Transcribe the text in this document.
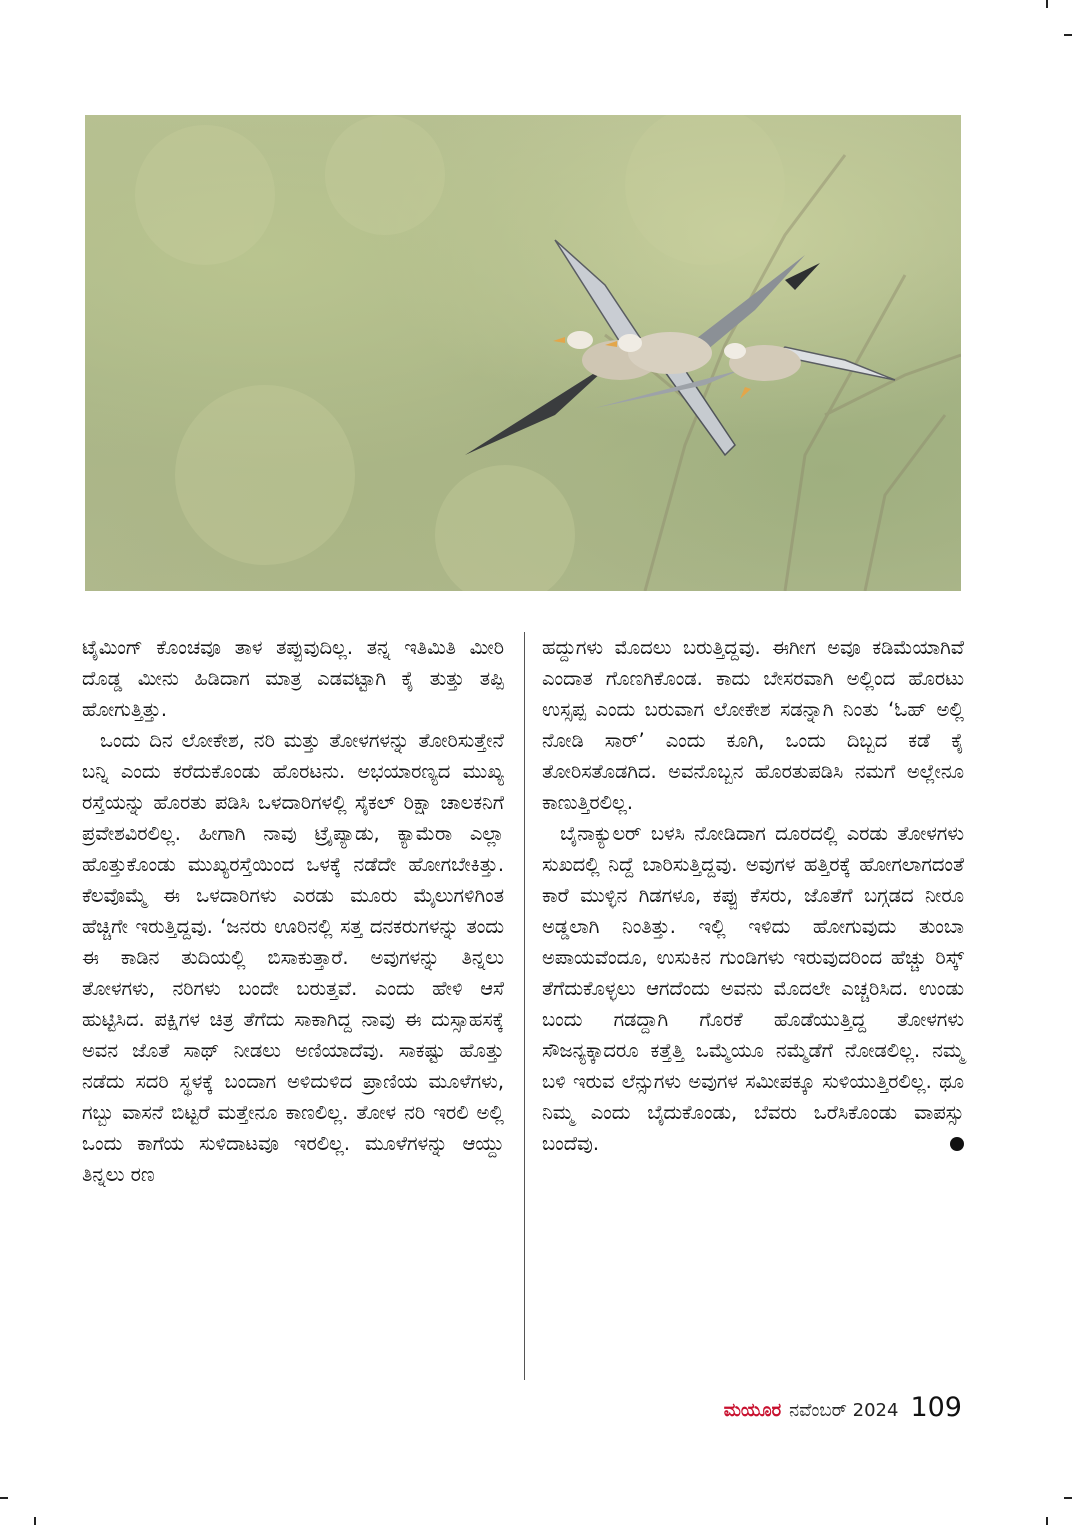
ಟೈಮಿಂಗ್ ಕೊಂಚವೂ ತಾಳ ತಪ್ಪುವುದಿಲ್ಲ. ತನ್ನ ಇತಿಮಿತಿ ಮೀರಿ ದೊಡ್ಡ ಮೀನು ಹಿಡಿದಾಗ ಮಾತ್ರ ಎಡವಟ್ಟಾಗಿ ಕೈ ತುತ್ತು ತಪ್ಪಿ ಹೋಗುತ್ತಿತ್ತು.

ಒಂದು ದಿನ ಲೋಕೇಶ, ನರಿ ಮತ್ತು ತೋಳಗಳನ್ನು ತೋರಿಸುತ್ತೇನೆ ಬನ್ನಿ ಎಂದು ಕರೆದುಕೊಂಡು ಹೊರಟನು. ಅಭಯಾರಣ್ಯದ ಮುಖ್ಯ ರಸ್ತೆಯನ್ನು ಹೊರತು ಪಡಿಸಿ ಒಳದಾರಿಗಳಲ್ಲಿ ಸೈಕಲ್ ರಿಕ್ಷಾ ಚಾಲಕನಿಗೆ ಪ್ರವೇಶವಿರಲಿಲ್ಲ. ಹೀಗಾಗಿ ನಾವು ಟ್ರೈಪ್ಯಾಡು, ಕ್ಯಾಮೆರಾ ಎಲ್ಲಾ ಹೊತ್ತುಕೊಂಡು ಮುಖ್ಯರಸ್ತೆಯಿಂದ ಒಳಕ್ಕೆ ನಡೆದೇ ಹೋಗಬೇಕಿತ್ತು. ಕೆಲವೊಮ್ಮೆ ಈ ಒಳದಾರಿಗಳು ಎರಡು ಮೂರು ಮೈಲುಗಳಿಗಿಂತ ಹೆಚ್ಚಿಗೇ ಇರುತ್ತಿದ್ದವು. ‘ಜನರು ಊರಿನಲ್ಲಿ ಸತ್ತ ದನಕರುಗಳನ್ನು ತಂದು ಈ ಕಾಡಿನ ತುದಿಯಲ್ಲಿ ಬಿಸಾಕುತ್ತಾರೆ. ಅವುಗಳನ್ನು ತಿನ್ನಲು ತೋಳಗಳು, ನರಿಗಳು ಬಂದೇ ಬರುತ್ತವೆ. ಎಂದು ಹೇಳಿ ಆಸೆ ಹುಟ್ಟಿಸಿದ. ಪಕ್ಷಿಗಳ ಚಿತ್ರ ತೆಗೆದು ಸಾಕಾಗಿದ್ದ ನಾವು ಈ ದುಸ್ಸಾಹಸಕ್ಕೆ ಅವನ ಜೊತೆ ಸಾಥ್ ನೀಡಲು ಅಣಿಯಾದೆವು. ಸಾಕಷ್ಟು ಹೊತ್ತು ನಡೆದು ಸದರಿ ಸ್ಥಳಕ್ಕೆ ಬಂದಾಗ ಅಳಿದುಳಿದ ಪ್ರಾಣಿಯ ಮೂಳೆಗಳು, ಗಬ್ಬು ವಾಸನೆ ಬಿಟ್ಟರೆ ಮತ್ತೇನೂ ಕಾಣಲಿಲ್ಲ. ತೋಳ ನರಿ ಇರಲಿ ಅಲ್ಲಿ ಒಂದು ಕಾಗೆಯ ಸುಳಿದಾಟವೂ ಇರಲಿಲ್ಲ. ಮೂಳೆಗಳನ್ನು ಆಯ್ದು ತಿನ್ನಲು ರಣ

ಹದ್ದುಗಳು ಮೊದಲು ಬರುತ್ತಿದ್ದವು. ಈಗೀಗ ಅವೂ ಕಡಿಮೆಯಾಗಿವೆ ಎಂದಾತ ಗೊಣಗಿಕೊಂಡ. ಕಾದು ಬೇಸರವಾಗಿ ಅಲ್ಲಿಂದ ಹೊರಟು ಉಸ್ಸಪ್ಪ ಎಂದು ಬರುವಾಗ ಲೋಕೇಶ ಸಡನ್ನಾಗಿ ನಿಂತು ‘ಓಹ್ ಅಲ್ಲಿ ನೋಡಿ ಸಾರ್’ ಎಂದು ಕೂಗಿ, ಒಂದು ದಿಬ್ಬದ ಕಡೆ ಕೈ ತೋರಿಸತೊಡಗಿದ. ಅವನೊಬ್ಬನ ಹೊರತುಪಡಿಸಿ ನಮಗೆ ಅಲ್ಲೇನೂ ಕಾಣುತ್ತಿರಲಿಲ್ಲ.

ಬೈನಾಕ್ಯುಲರ್ ಬಳಸಿ ನೋಡಿದಾಗ ದೂರದಲ್ಲಿ ಎರಡು ತೋಳಗಳು ಸುಖದಲ್ಲಿ ನಿದ್ದೆ ಬಾರಿಸುತ್ತಿದ್ದವು. ಅವುಗಳ ಹತ್ತಿರಕ್ಕೆ ಹೋಗಲಾಗದಂತೆ ಕಾರೆ ಮುಳ್ಳಿನ ಗಿಡಗಳೂ, ಕಪ್ಪು ಕೆಸರು, ಜೊತೆಗೆ ಬಗ್ಗಡದ ನೀರೂ ಅಡ್ಡಲಾಗಿ ನಿಂತಿತ್ತು. ಇಲ್ಲಿ ಇಳಿದು ಹೋಗುವುದು ತುಂಬಾ ಅಪಾಯವೆಂದೂ, ಉಸುಕಿನ ಗುಂಡಿಗಳು ಇರುವುದರಿಂದ ಹೆಚ್ಚು ರಿಸ್ಕ್ ತೆಗೆದುಕೊಳ್ಳಲು ಆಗದೆಂದು ಅವನು ಮೊದಲೇ ಎಚ್ಚರಿಸಿದ. ಉಂಡು ಬಂದು ಗಡದ್ದಾಗಿ ಗೊರಕೆ ಹೊಡೆಯುತ್ತಿದ್ದ ತೋಳಗಳು ಸೌಜನ್ಯಕ್ಕಾದರೂ ಕತ್ತೆತ್ತಿ ಒಮ್ಮೆಯೂ ನಮ್ಮೆಡೆಗೆ ನೋಡಲಿಲ್ಲ. ನಮ್ಮ ಬಳಿ ಇರುವ ಲೆನ್ಸುಗಳು ಅವುಗಳ ಸಮೀಪಕ್ಕೂ ಸುಳಿಯುತ್ತಿರಲಿಲ್ಲ. ಥೂ ನಿಮ್ಮ ಎಂದು ಬೈದುಕೊಂಡು, ಬೆವರು ಒರೆಸಿಕೊಂಡು ವಾಪಸ್ಸು ಬಂದೆವು.

ಮಯೂರ ನವೆಂಬರ್ 2024 109
